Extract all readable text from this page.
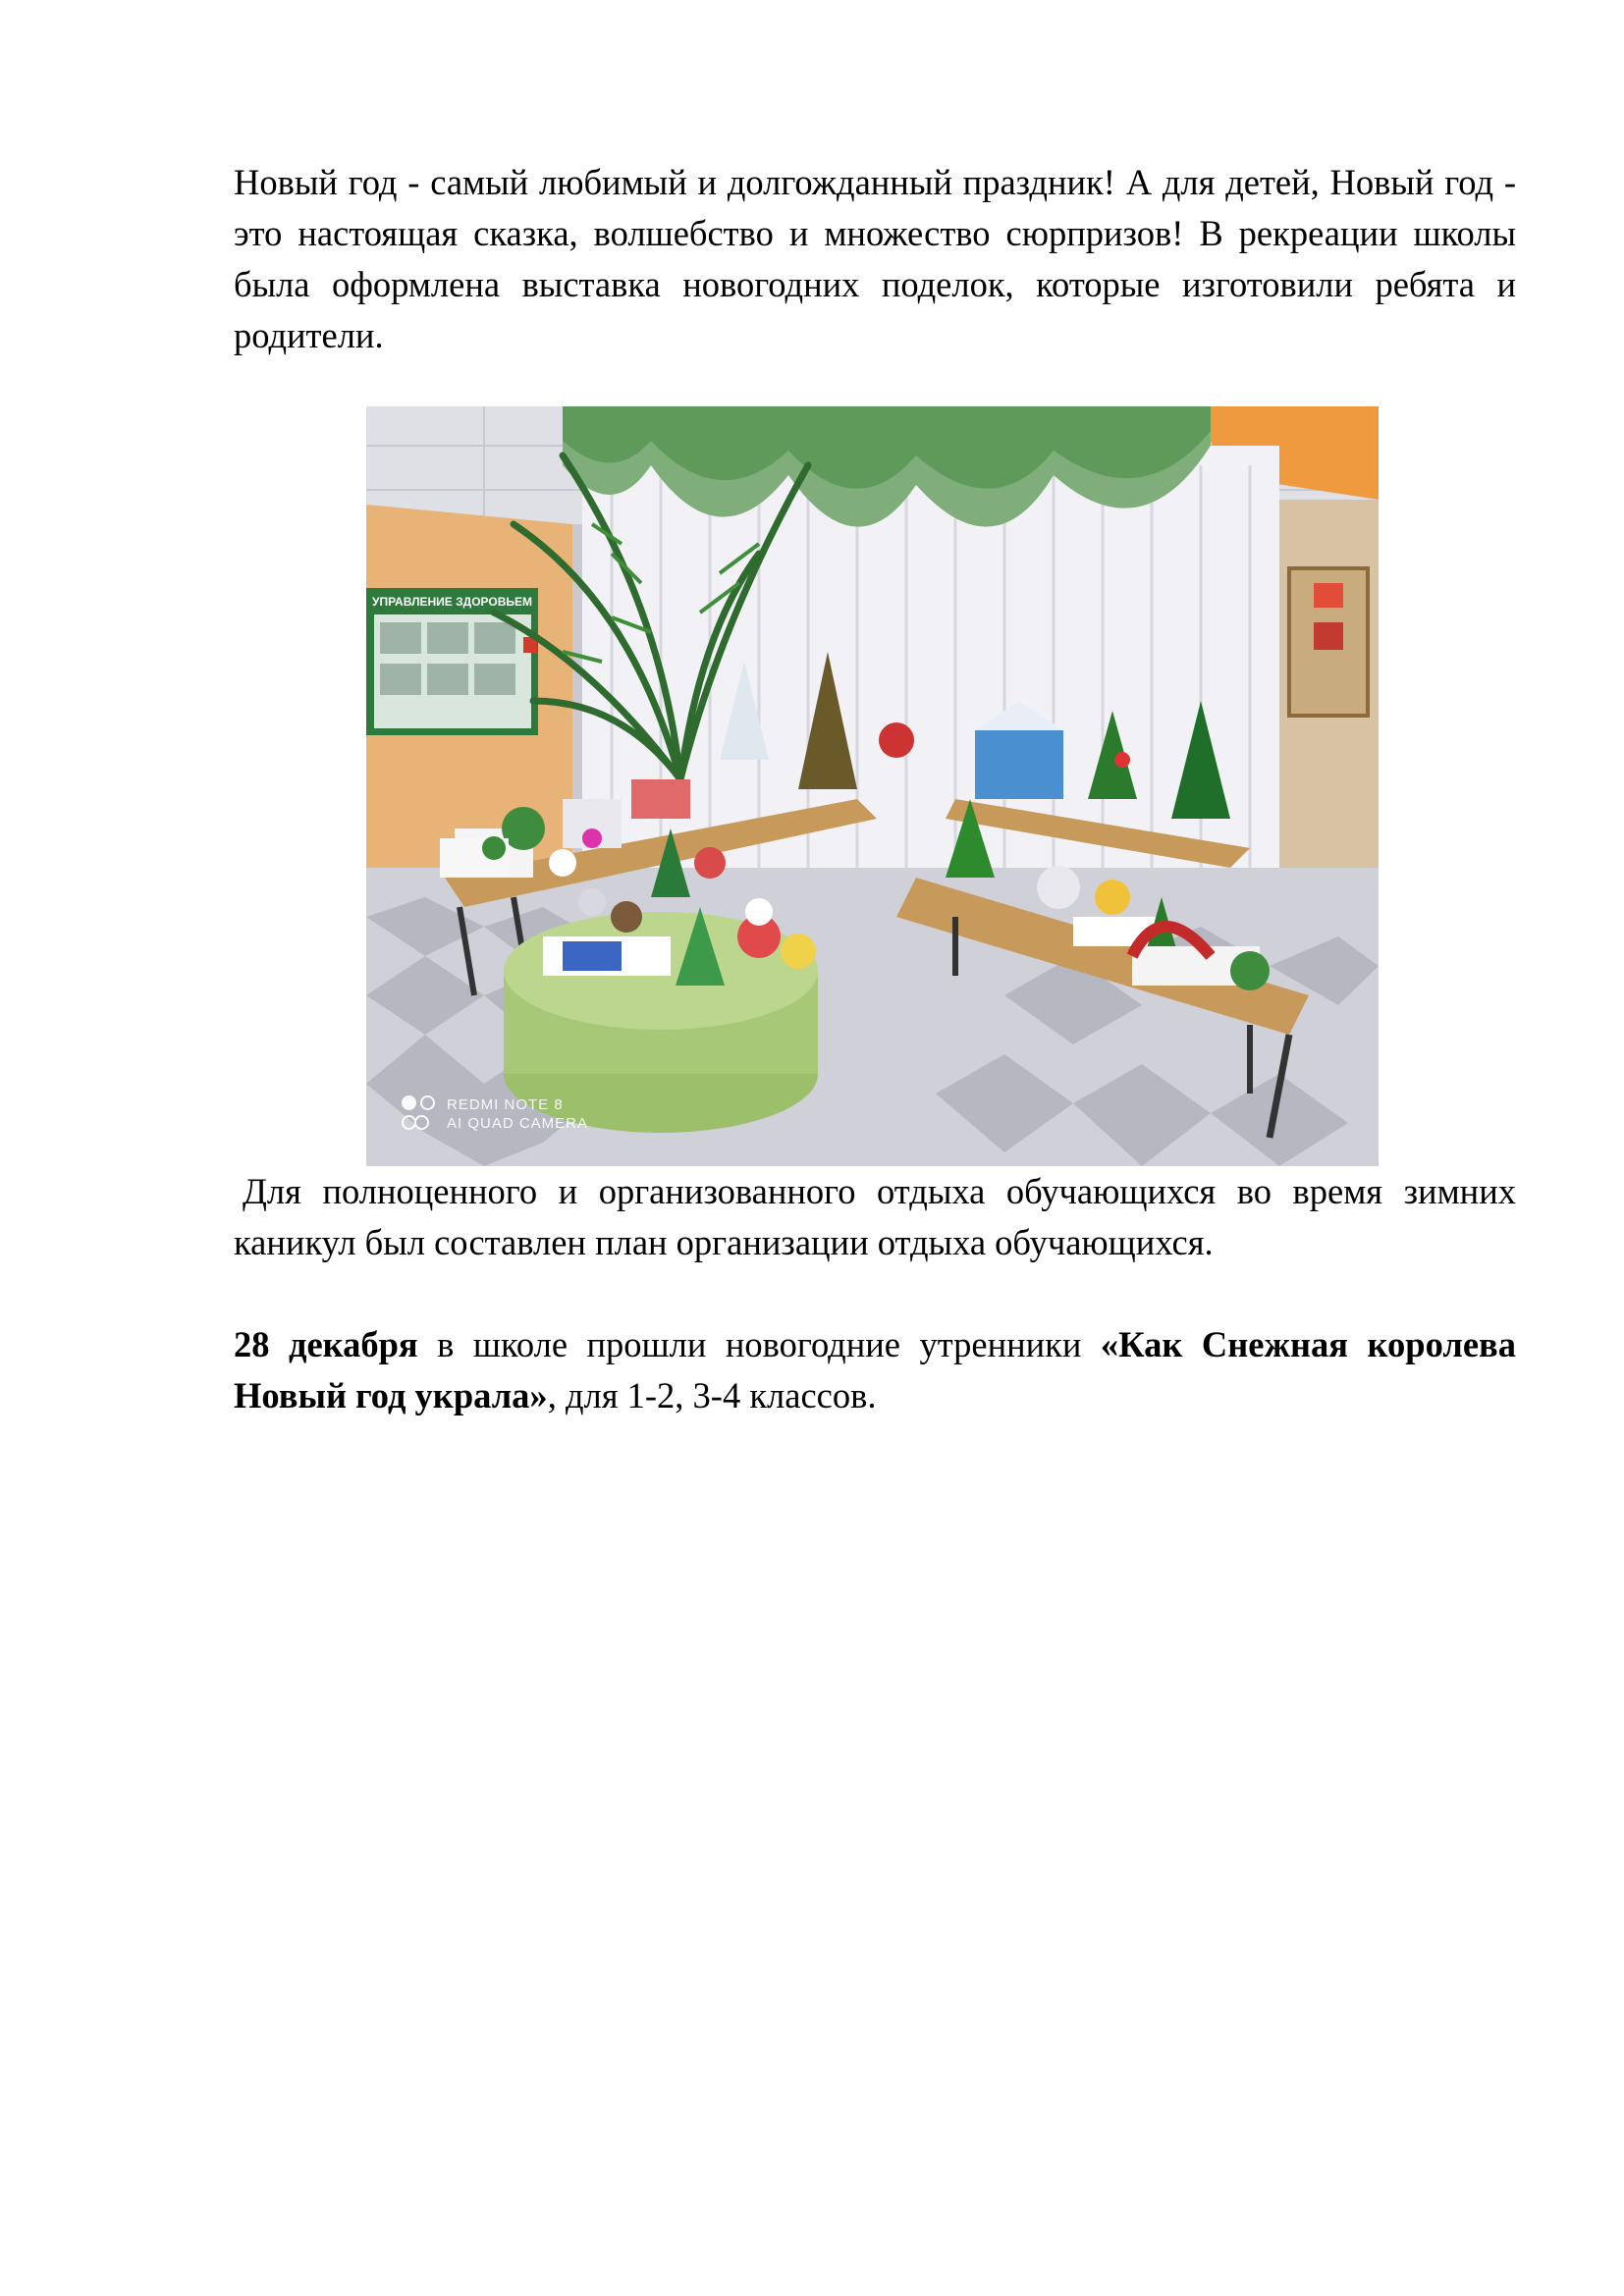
Новый год - самый любимый и долгожданный праздник! А для детей, Новый год - это настоящая сказка, волшебство и множество сюрпризов! В рекреации школы была оформлена выставка новогодних поделок, которые изготовили ребята и родители.

УПРАВЛЕНИЕ ЗДОРОВЬЕМ
REDMI NOTE 8
AI QUAD CAMERA

Для полноценного и организованного отдыха обучающихся во время зимних каникул был составлен план организации отдыха обучающихся.

28 декабря в школе прошли новогодние утренники «Как Снежная королева Новый год украла», для 1-2, 3-4 классов.
